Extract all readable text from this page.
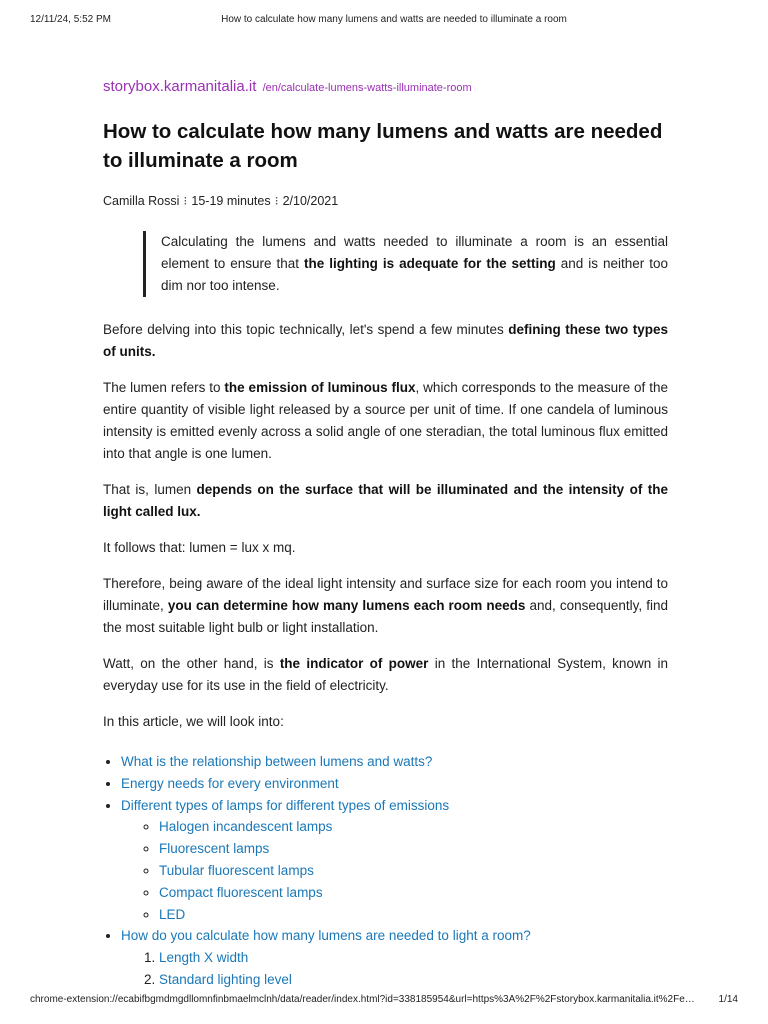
12/11/24, 5:52 PM	How to calculate how many lumens and watts are needed to illuminate a room
storybox.karmanitalia.it /en/calculate-lumens-watts-illuminate-room
How to calculate how many lumens and watts are needed to illuminate a room
Camilla Rossi ⁝ 15-19 minutes ⁝ 2/10/2021
Calculating the lumens and watts needed to illuminate a room is an essential element to ensure that the lighting is adequate for the setting and is neither too dim nor too intense.

Before delving into this topic technically, let's spend a few minutes defining these two types of units.

The lumen refers to the emission of luminous flux, which corresponds to the measure of the entire quantity of visible light released by a source per unit of time. If one candela of luminous intensity is emitted evenly across a solid angle of one steradian, the total luminous flux emitted into that angle is one lumen.

That is, lumen depends on the surface that will be illuminated and the intensity of the light called lux.

It follows that: lumen = lux x mq.

Therefore, being aware of the ideal light intensity and surface size for each room you intend to illuminate, you can determine how many lumens each room needs and, consequently, find the most suitable light bulb or light installation.

Watt, on the other hand, is the indicator of power in the International System, known in everyday use for its use in the field of electricity.

In this article, we will look into:

• What is the relationship between lumens and watts?
• Energy needs for every environment
• Different types of lamps for different types of emissions
◦ Halogen incandescent lamps
◦ Fluorescent lamps
◦ Tubular fluorescent lamps
◦ Compact fluorescent lamps
◦ LED
• How do you calculate how many lumens are needed to light a room?
1. Length X width
2. Standard lighting level
chrome-extension://ecabifbgmdmgdllomnfinbmaelmclnh/data/reader/index.html?id=338185954&url=https%3A%2F%2Fstorybox.karmanitalia.it%2Fe… 1/14
